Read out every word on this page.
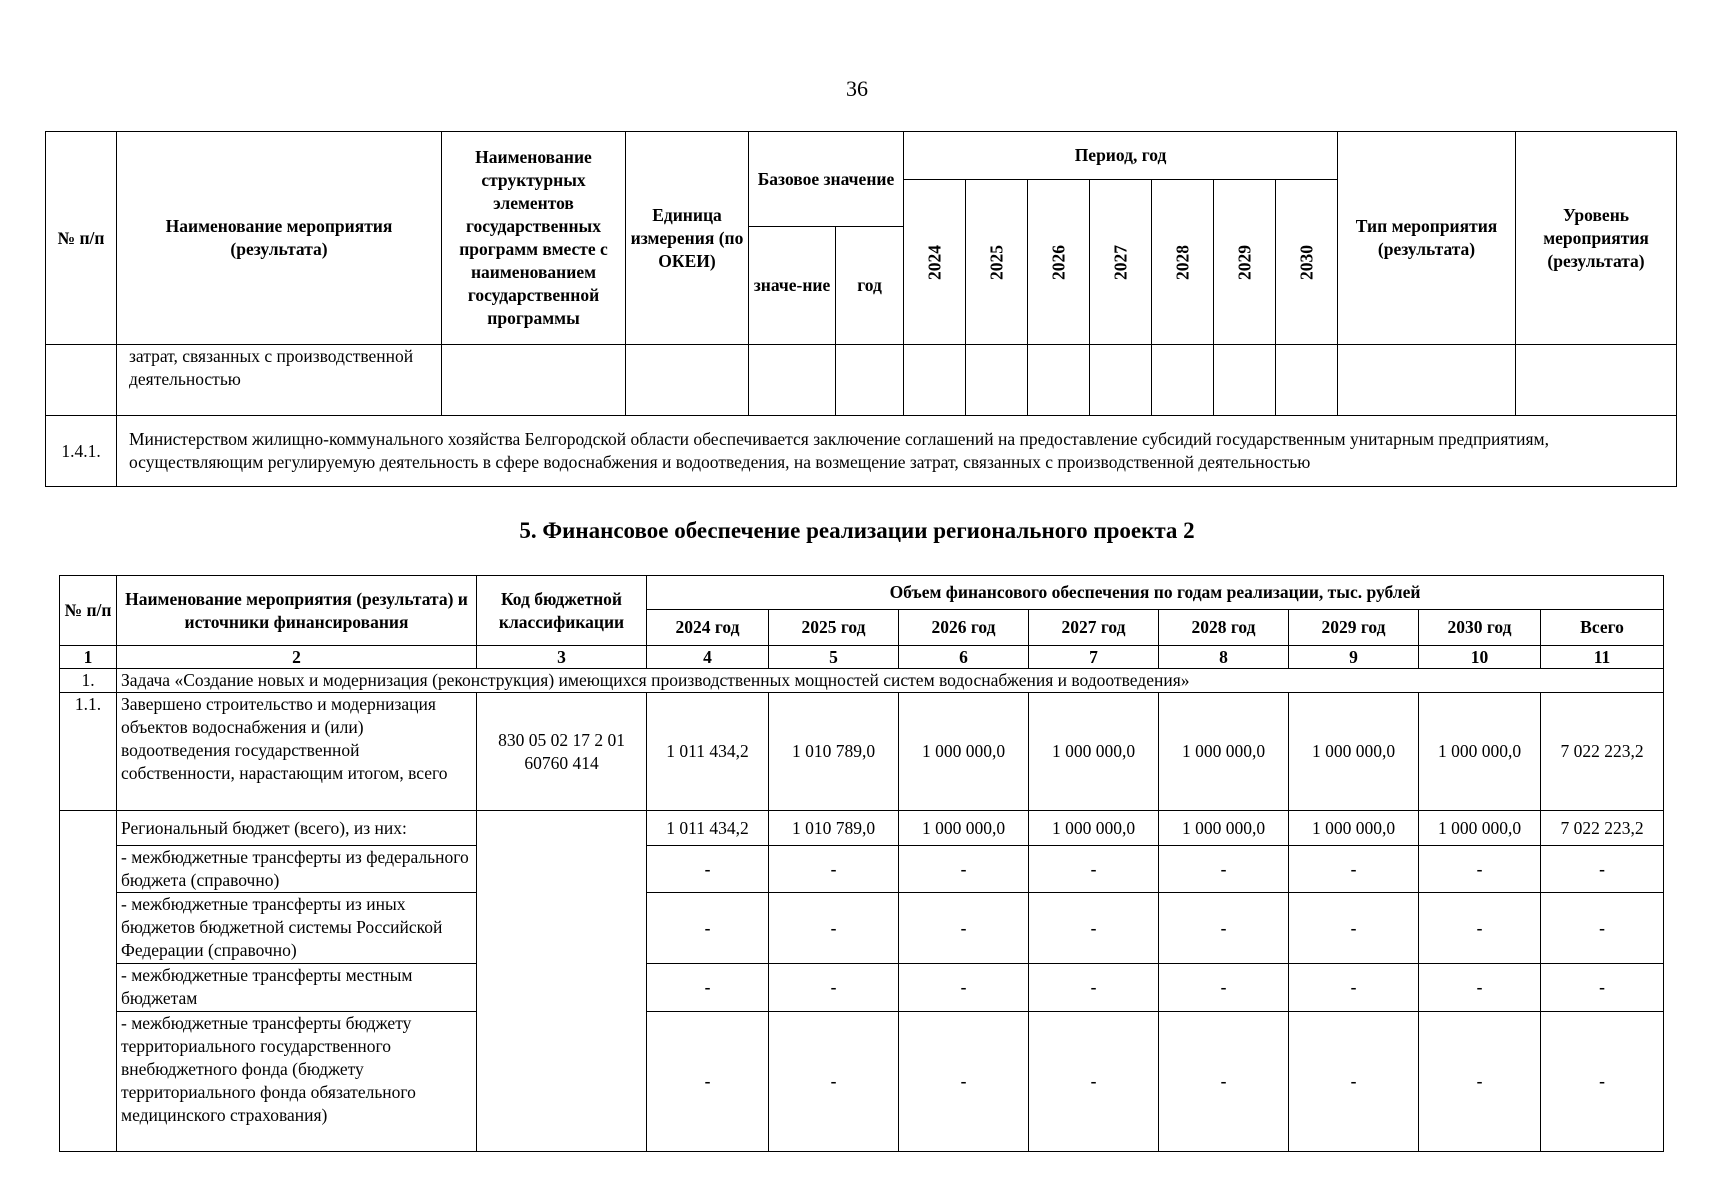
36
№ п/п	Наименование мероприятия (результата)	Наименование структурных элементов государственных программ вместе с наименованием государственной программы	Единица измерения (по ОКЕИ)	Базовое значение		Период, год							Тип мероприятия (результата)	Уровень мероприятия (результата)
						2024	2025	2026	2027	2028	2029	2030		
				значе-ние	год									
	затрат, связанных с производственной деятельностью													
1.4.1.	Министерством жилищно-коммунального хозяйства Белгородской области обеспечивается заключение соглашений на предоставление субсидий государственным унитарным предприятиям, осуществляющим регулируемую деятельность в сфере водоснабжения и водоотведения, на возмещение затрат, связанных с производственной деятельностью													
5. Финансовое обеспечение реализации регионального проекта 2
№ п/п	Наименование мероприятия (результата) и источники финансирования	Код бюджетной классификации	Объем финансового обеспечения по годам реализации, тыс. рублей							
			2024 год	2025 год	2026 год	2027 год	2028 год	2029 год	2030 год	Всего
1	2	3	4	5	6	7	8	9	10	11
1.	Задача «Создание новых и модернизация (реконструкция) имеющихся производственных мощностей систем водоснабжения и водоотведения»									
1.1.	Завершено строительство и модернизация объектов водоснабжения и (или) водоотведения государственной собственности, нарастающим итогом, всего	830 05 02 17 2 01 60760 414	1 011 434,2	1 010 789,0	1 000 000,0	1 000 000,0	1 000 000,0	1 000 000,0	1 000 000,0	7 022 223,2
	Региональный бюджет (всего), из них:		1 011 434,2	1 010 789,0	1 000 000,0	1 000 000,0	1 000 000,0	1 000 000,0	1 000 000,0	7 022 223,2
	- межбюджетные трансферты из федерального бюджета (справочно)		-	-	-	-	-	-	-	-
	- межбюджетные трансферты из иных бюджетов бюджетной системы Российской Федерации (справочно)		-	-	-	-	-	-	-	-
	- межбюджетные трансферты местным бюджетам		-	-	-	-	-	-	-	-
	- межбюджетные трансферты бюджету территориального государственного внебюджетного фонда (бюджету территориального фонда обязательного медицинского страхования)		-	-	-	-	-	-	-	-
